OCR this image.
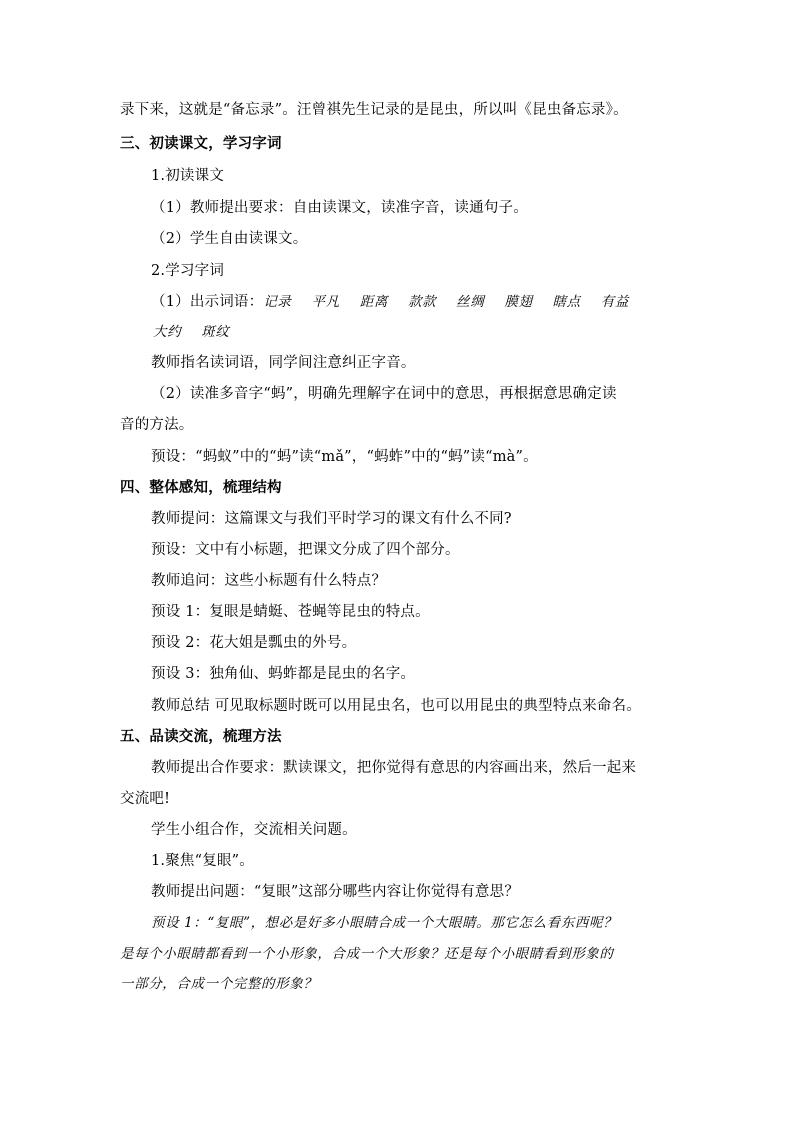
录下来，这就是“备忘录”。汪曾祺先生记录的是昆虫，所以叫《昆虫备忘录》。
三、初读课文，学习字词
1.初读课文
（1）教师提出要求：自由读课文，读准字音，读通句子。
（2）学生自由读课文。
2.学习字词
（1）出示词语：记录 平凡 距离 款款 丝绸 膜翅 瞎点 有益
大约 斑纹
教师指名读词语，同学间注意纠正字音。
（2）读准多音字“蚂”，明确先理解字在词中的意思，再根据意思确定读
音的方法。
预设：“蚂蚁”中的“蚂”读“mǎ”，“蚂蚱”中的“蚂”读“mà”。
四、整体感知，梳理结构
教师提问：这篇课文与我们平时学习的课文有什么不同?
预设：文中有小标题，把课文分成了四个部分。
教师追问：这些小标题有什么特点？
预设 1：复眼是蜻蜓、苍蝇等昆虫的特点。
预设 2：花大姐是瓢虫的外号。
预设 3：独角仙、蚂蚱都是昆虫的名字。
教师总结 可见取标题时既可以用昆虫名，也可以用昆虫的典型特点来命名。
五、品读交流，梳理方法
教师提出合作要求：默读课文，把你觉得有意思的内容画出来，然后一起来
交流吧!
学生小组合作，交流相关问题。
1.聚焦“复眼”。
教师提出问题：“复眼”这部分哪些内容让你觉得有意思？
预设 1：“复眼”，想必是好多小眼睛合成一个大眼睛。那它怎么看东西呢？
是每个小眼睛都看到一个小形象，合成一个大形象？还是每个小眼睛看到形象的
一部分，合成一个完整的形象？
